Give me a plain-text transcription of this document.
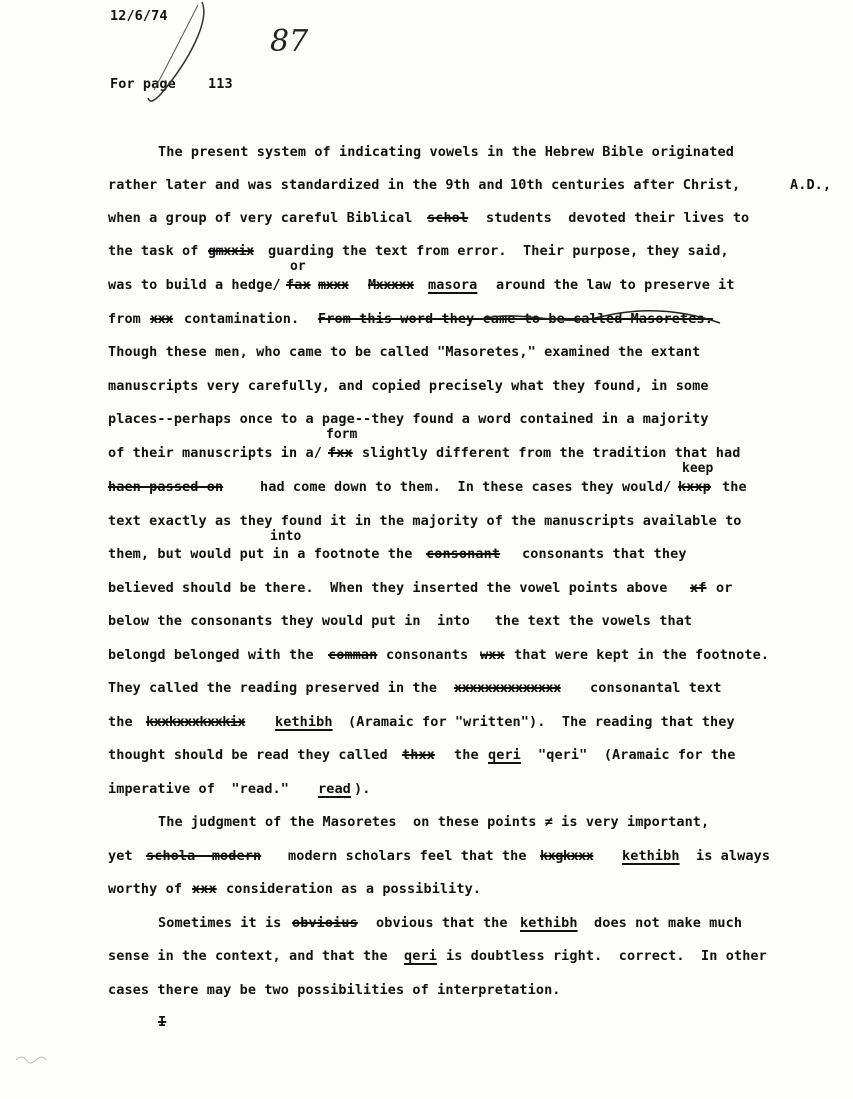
12/6/74
87
For page 113
The present system of indicating vowels in the Hebrew Bible originated
rather later and was standardized in the 9th and 10th centuries after Christ,	A.D.,
when a group of very careful Biblical schol students  devoted their lives to
the task of gmxxix guarding the text from error.  Their purpose, they said,
or
was to build a hedge/ fax mxxx Mxxxxx masora around the law to preserve it
from xxx contamination. From this word they came to be called Masoretes.
Though these men, who came to be called "Masoretes," examined the extant
manuscripts very carefully, and copied precisely what they found, in some
places--perhaps once to a page--they found a word contained in a majority
form
of their manuscripts in a/ fxx slightly different from the tradition that had
keep
haen passed on	had come down to them.  In these cases they would/ kxxp the
text exactly as they found it in the majority of the manuscripts available to
into
them, but would put in a footnote the consonant consonants that they
believed should be there.  When they inserted the vowel points above xf or
below the consonants they would put in  into   the text the vowels that
belongd belonged with the comman consonants wxx that were kept in the footnote.
They called the reading preserved in the xxxxxxxxxxxxxx consonantal text
the kxxkxxxkxxkix kethibh (Aramaic for "written").  The reading that they
thought should be read they called thxx the qeri "qeri"  (Aramaic for the
imperative of  "read." read ).
The judgment of the Masoretes  on these points ≠ is very important,
yet schola  modern modern scholars feel that the kxgkxxx kethibh is always
worthy of xxx consideration as a possibility.
Sometimes it is obvioius obvious that the kethibh does not make much
sense in the context, and that the qeri is doubtless right.  correct.  In other
cases there may be two possibilities of interpretation.
I
